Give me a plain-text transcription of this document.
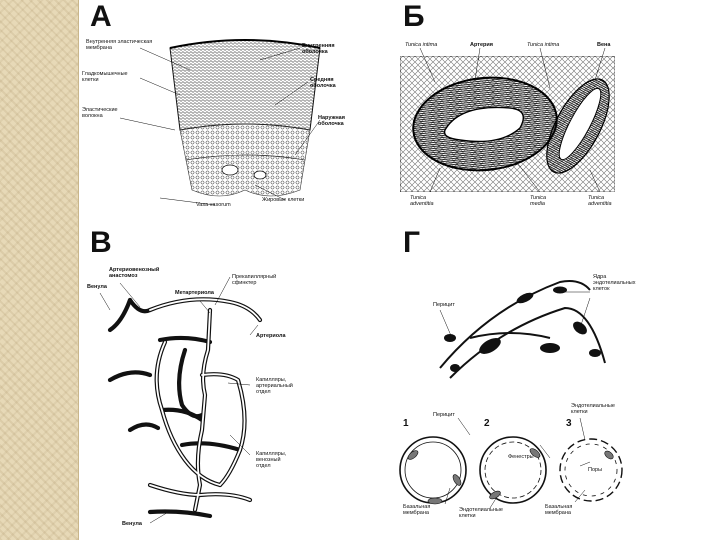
А
Внутренняя эластическая
мембрана
Гладкомышечные
клетки
Эластические
волокна
Внутренняя
оболочка
Средняя
оболочка
Наружная
оболочка
Vasa vasorum
Жировые клетки
Б
Tunica intima	Артерия	Tunica intima	Вена
Tunica
adventitia
Tunica
media
Tunica
adventitia
В
Артериовенозный
анастомоз	Прекапиллярный
сфинктер
Венула
Метартериола
Артериола
Капилляры,
артериальный
отдел
Капилляры,
венозный
отдел
Венула
Г
Ядра
эндотелиальных
клеток
Перицит
1	2	3
Перицит
Фенестры
Эндотелиальные
клетки
Поры
Базальная
мембрана	Эндотелиальные
клетки
Базальная
мембрана
